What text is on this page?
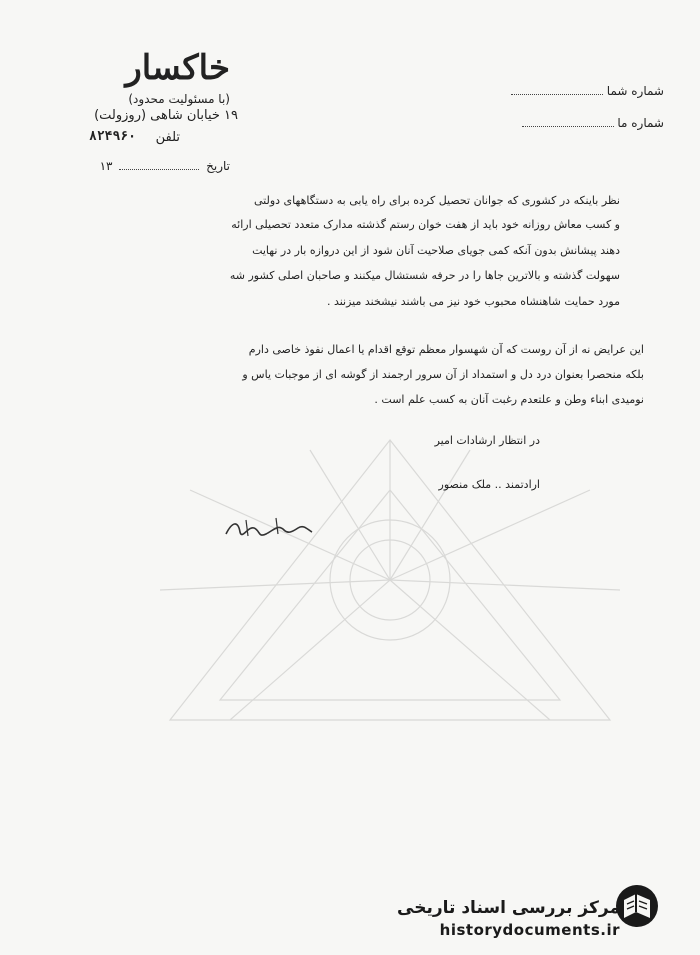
خاکسار (با مسئولیت محدود)
۱۹ خیابان شاهی (روزولت)
تلفن
۸۲۴۹۶۰
شماره شما
شماره ما
تاریخ  ۱۳
نظر باینکه در کشوری که جوانان تحصیل کرده برای راه یابی به دستگاههای دولتی
و کسب معاش روزانه خود باید از هفت خوان رستم گذشته مدارک متعدد تحصیلی ارائه
دهند پیشانش بدون آنکه کمی جویای صلاحیت آنان شود از این دروازه بار در نهایت
سهولت گذشته و بالاترین جاها را در حرفه شستشال میکنند و صاحبان اصلی کشور شه
مورد حمایت شاهنشاه محبوب خود نیز می باشند نیشخند میزنند .
این عرایض نه از آن روست که آن شهسوار معظم توقع اقدام یا اعمال نفوذ خاصی دارم
بلکه منحصرا بعنوان درد دل و استمداد از آن سرور ارجمند از گوشه ای از موجبات یاس و
نومیدی ابناء وطن و علتعدم رغبت آنان به کسب علم است .
در انتظار ارشادات امیر
ارادتمند .. ملک منصور
مرکز بررسی اسناد تاریخی
historydocuments.ir
